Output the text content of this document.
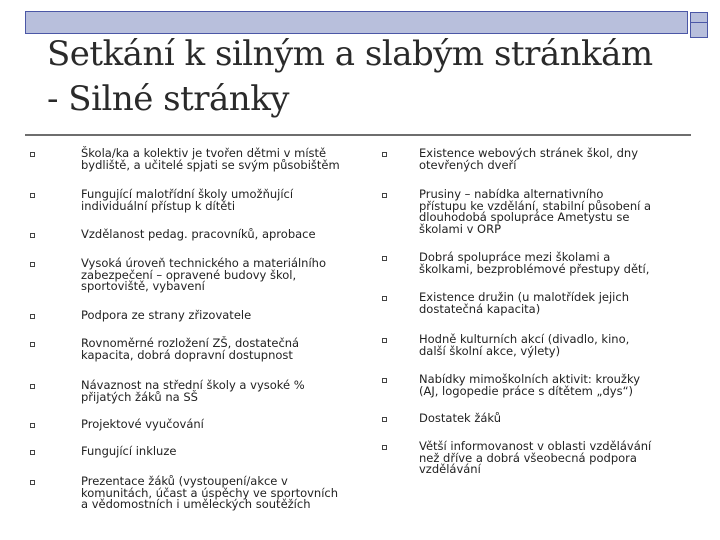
Setkání k silným a slabým stránkám
- Silné stránky
Škola/ka a kolektiv je tvořen dětmi v místě
bydliště, a učitelé spjati se svým působištěm
Fungující malotřídní školy umožňující
individuální přístup k dítěti
Vzdělanost pedag. pracovníků, aprobace
Vysoká úroveň technického a materiálního
zabezpečení – opravené budovy škol,
sportoviště, vybavení
Podpora ze strany zřizovatele
Rovnoměrné rozložení ZŠ, dostatečná
kapacita, dobrá dopravní dostupnost
Návaznost na střední školy a vysoké %
přijatých žáků na SŠ
Projektové vyučování
Fungující inkluze
Prezentace žáků (vystoupení/akce v
komunitách, účast a úspěchy ve sportovních
a vědomostních i uměleckých soutěžích
Existence webových stránek škol, dny
otevřených dveří
Prusiny – nabídka alternativního
přístupu ke vzdělání, stabilní působení a
dlouhodobá spolupráce Ametystu se
školami v ORP
Dobrá spolupráce mezi školami a
školkami, bezproblémové přestupy dětí,
Existence družin (u malotřídek jejich
dostatečná kapacita)
Hodně kulturních akcí (divadlo, kino,
další školní akce, výlety)
Nabídky mimoškolních aktivit: kroužky
(AJ, logopedie práce s dítětem „dys“)
Dostatek žáků
Větší informovanost v oblasti vzdělávání
než dříve a dobrá všeobecná podpora
vzdělávání
